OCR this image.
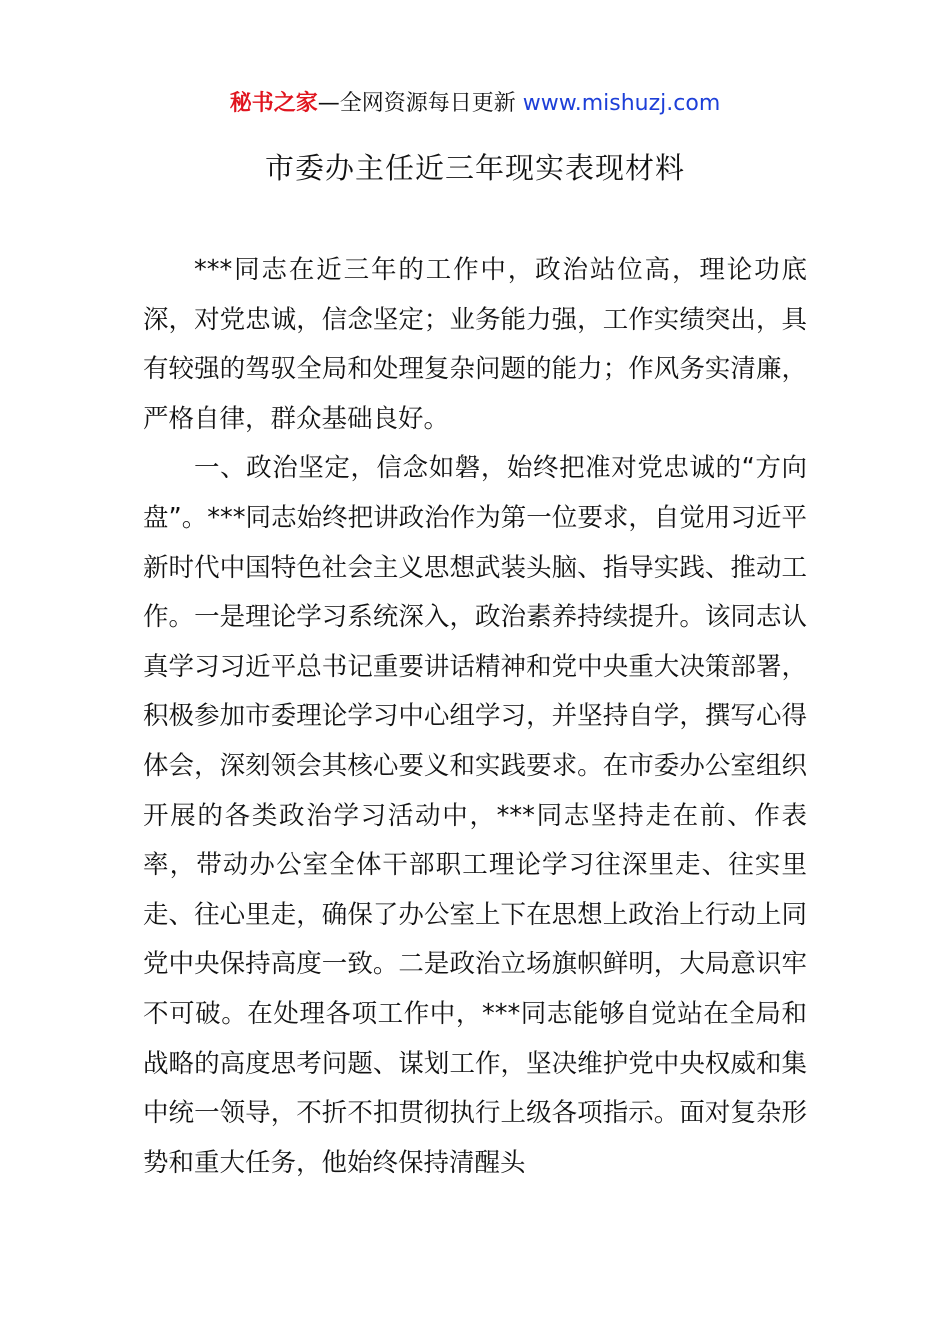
秘书之家—全网资源每日更新 www.mishuzj.com
市委办主任近三年现实表现材料

***同志在近三年的工作中，政治站位高，理论功底深，对党忠诚，信念坚定；业务能力强，工作实绩突出，具有较强的驾驭全局和处理复杂问题的能力；作风务实清廉，严格自律，群众基础良好。

一、政治坚定，信念如磐，始终把准对党忠诚的“方向盘”。***同志始终把讲政治作为第一位要求，自觉用习近平新时代中国特色社会主义思想武装头脑、指导实践、推动工作。一是理论学习系统深入，政治素养持续提升。该同志认真学习习近平总书记重要讲话精神和党中央重大决策部署，积极参加市委理论学习中心组学习，并坚持自学，撰写心得体会，深刻领会其核心要义和实践要求。在市委办公室组织开展的各类政治学习活动中，***同志坚持走在前、作表率，带动办公室全体干部职工理论学习往深里走、往实里走、往心里走，确保了办公室上下在思想上政治上行动上同党中央保持高度一致。二是政治立场旗帜鲜明，大局意识牢不可破。在处理各项工作中，***同志能够自觉站在全局和战略的高度思考问题、谋划工作，坚决维护党中央权威和集中统一领导，不折不扣贯彻执行上级各项指示。面对复杂形势和重大任务，他始终保持清醒头
